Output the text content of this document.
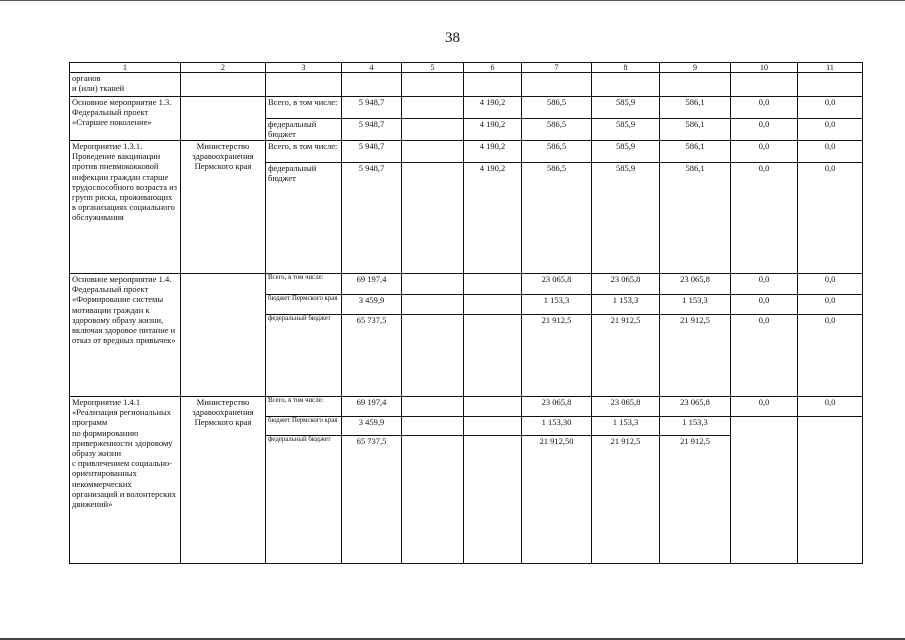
38
1	2	3	4	5	6	7	8	9	10	11
органов
и (или) тканей										
Основное мероприятие 1.3. Федеральный проект «Старшее поколение»		Всего, в том числе:	5 948,7		4 190,2	586,5	585,9	586,1	0,0	0,0
		федеральный бюджет	5 948,7		4 190,2	586,5	585,9	586,1	0,0	0,0
Мероприятие 1.3.1. Проведение вакцинации против пневмококковой инфекции граждан старше трудоспособного возраста из групп риска, проживающих в организациях социального обслуживания	Министерство здравоохранения Пермского края	Всего, в том числе:	5 948,7		4 190,2	586,5	585,9	586,1	0,0	0,0
		федеральный бюджет	5 948,7		4 190,2	586,5	585,9	586,1	0,0	0,0
Основное мероприятие 1.4. Федеральный проект «Формирование системы мотивации граждан к здоровому образу жизни, включая здоровое питание и отказ от вредных привычек»		Всего, в том числе:	69 197,4			23 065,8	23 065,8	23 065,8	0,0	0,0
		бюджет Пермского края	3 459,9			1 153,3	1 153,3	1 153,3	0,0	0,0
		федеральный бюджет	65 737,5			21 912,5	21 912,5	21 912,5	0,0	0,0
Мероприятие 1.4.1 «Реализация региональных программ
по формированию приверженности здоровому образу жизни
с привлечением социально-ориентированных некоммерческих организаций и волонтерских движений»	Министерство здравоохранения Пермского края	Всего, в том числе:	69 197,4			23 065,8	23 065,8	23 065,8	0,0	0,0
		бюджет Пермского края	3 459,9			1 153,30	1 153,3	1 153,3		
		федеральный бюджет	65 737,5			21 912,50	21 912,5	21 912,5		
